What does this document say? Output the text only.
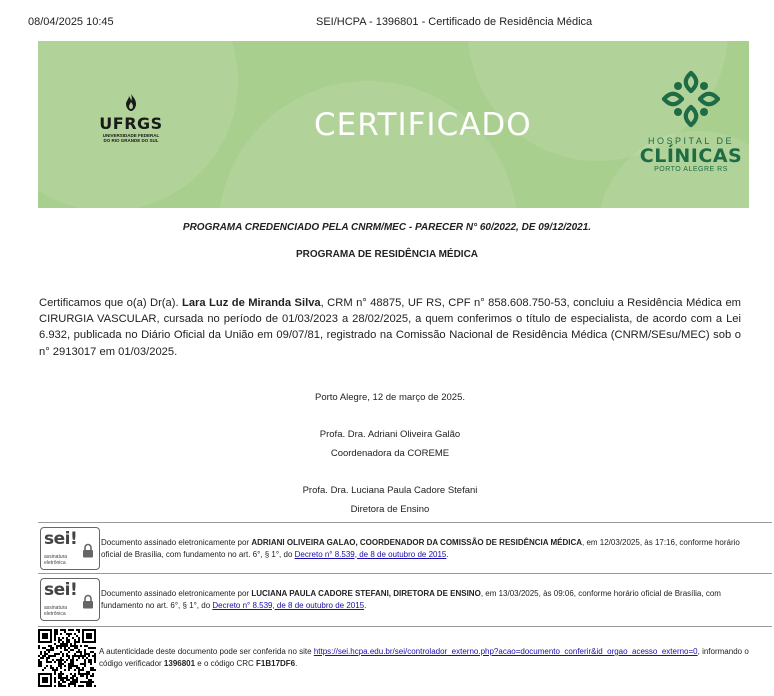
08/04/2025 10:45	SEI/HCPA - 1396801 - Certificado de Residência Médica
UFRGS
UNIVERSIDADE FEDERAL
DO RIO GRANDE DO SUL	CERTIFICADO	HOSPITAL DE
CLÍNICAS
PORTO ALEGRE RS
PROGRAMA CREDENCIADO PELA CNRM/MEC - PARECER N° 60/2022, DE 09/12/2021.
PROGRAMA DE RESIDÊNCIA MÉDICA
Certificamos que o(a) Dr(a). Lara Luz de Miranda Silva, CRM n° 48875, UF RS, CPF n° 858.608.750-53, concluiu a Residência Médica em CIRURGIA VASCULAR, cursada no período de 01/03/2023 a 28/02/2025, a quem conferimos o título de especialista, de acordo com a Lei 6.932, publicada no Diário Oficial da União em 09/07/81, registrado na Comissão Nacional de Residência Médica (CNRM/SEsu/MEC) sob o n° 2913017 em 01/03/2025.
Porto Alegre, 12 de março de 2025.
Profa. Dra. Adriani Oliveira Galão
Coordenadora da COREME
Profa. Dra. Luciana Paula Cadore Stefani
Diretora de Ensino
sei!
assinatura
eletrônica
Documento assinado eletronicamente por ADRIANI OLIVEIRA GALAO, COORDENADOR DA COMISSÃO DE RESIDÊNCIA MÉDICA, em 12/03/2025, às 17:16, conforme horário oficial de Brasília, com fundamento no art. 6°, § 1°, do Decreto n° 8.539, de 8 de outubro de 2015.
sei!
assinatura
eletrônica
Documento assinado eletronicamente por LUCIANA PAULA CADORE STEFANI, DIRETORA DE ENSINO, em 13/03/2025, às 09:06, conforme horário oficial de Brasília, com fundamento no art. 6°, § 1°, do Decreto n° 8.539, de 8 de outubro de 2015.
A autenticidade deste documento pode ser conferida no site https://sei.hcpa.edu.br/sei/controlador_externo.php?acao=documento_conferir&id_orgao_acesso_externo=0, informando o código verificador 1396801 e o código CRC F1B17DF6.
